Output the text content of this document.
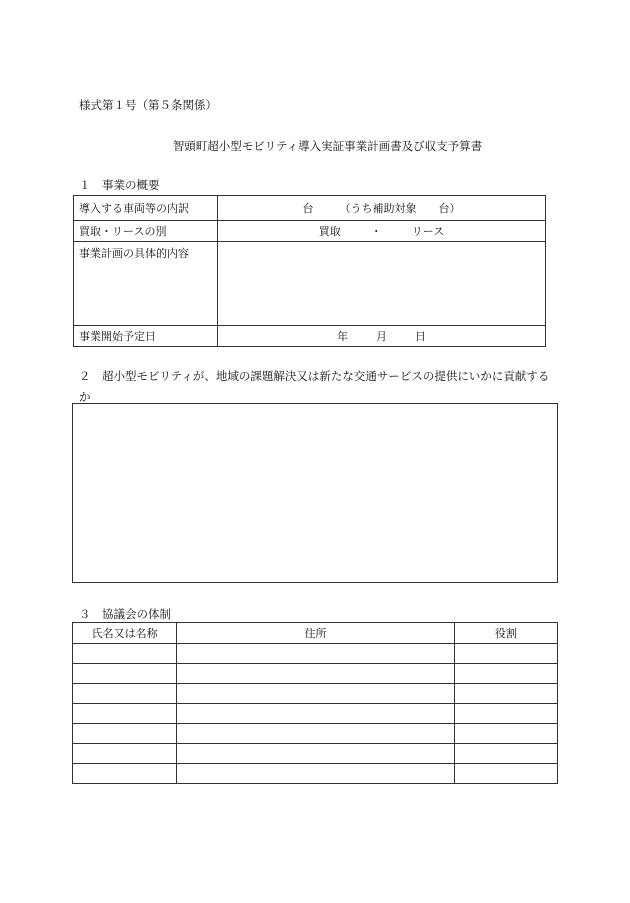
様式第１号（第５条関係）
智頭町超小型モビリティ導入実証事業計画書及び収支予算書
１　事業の概要
導入する車両等の内訳	台 （うち補助対象 台）
買取・リースの別	買取 ・ リース
事業計画の具体的内容	
事業開始予定日	年 月 日
２　超小型モビリティが、地域の課題解決又は新たな交通サービスの提供にいかに貢献するか
３　協議会の体制
氏名又は名称	住所	役割
